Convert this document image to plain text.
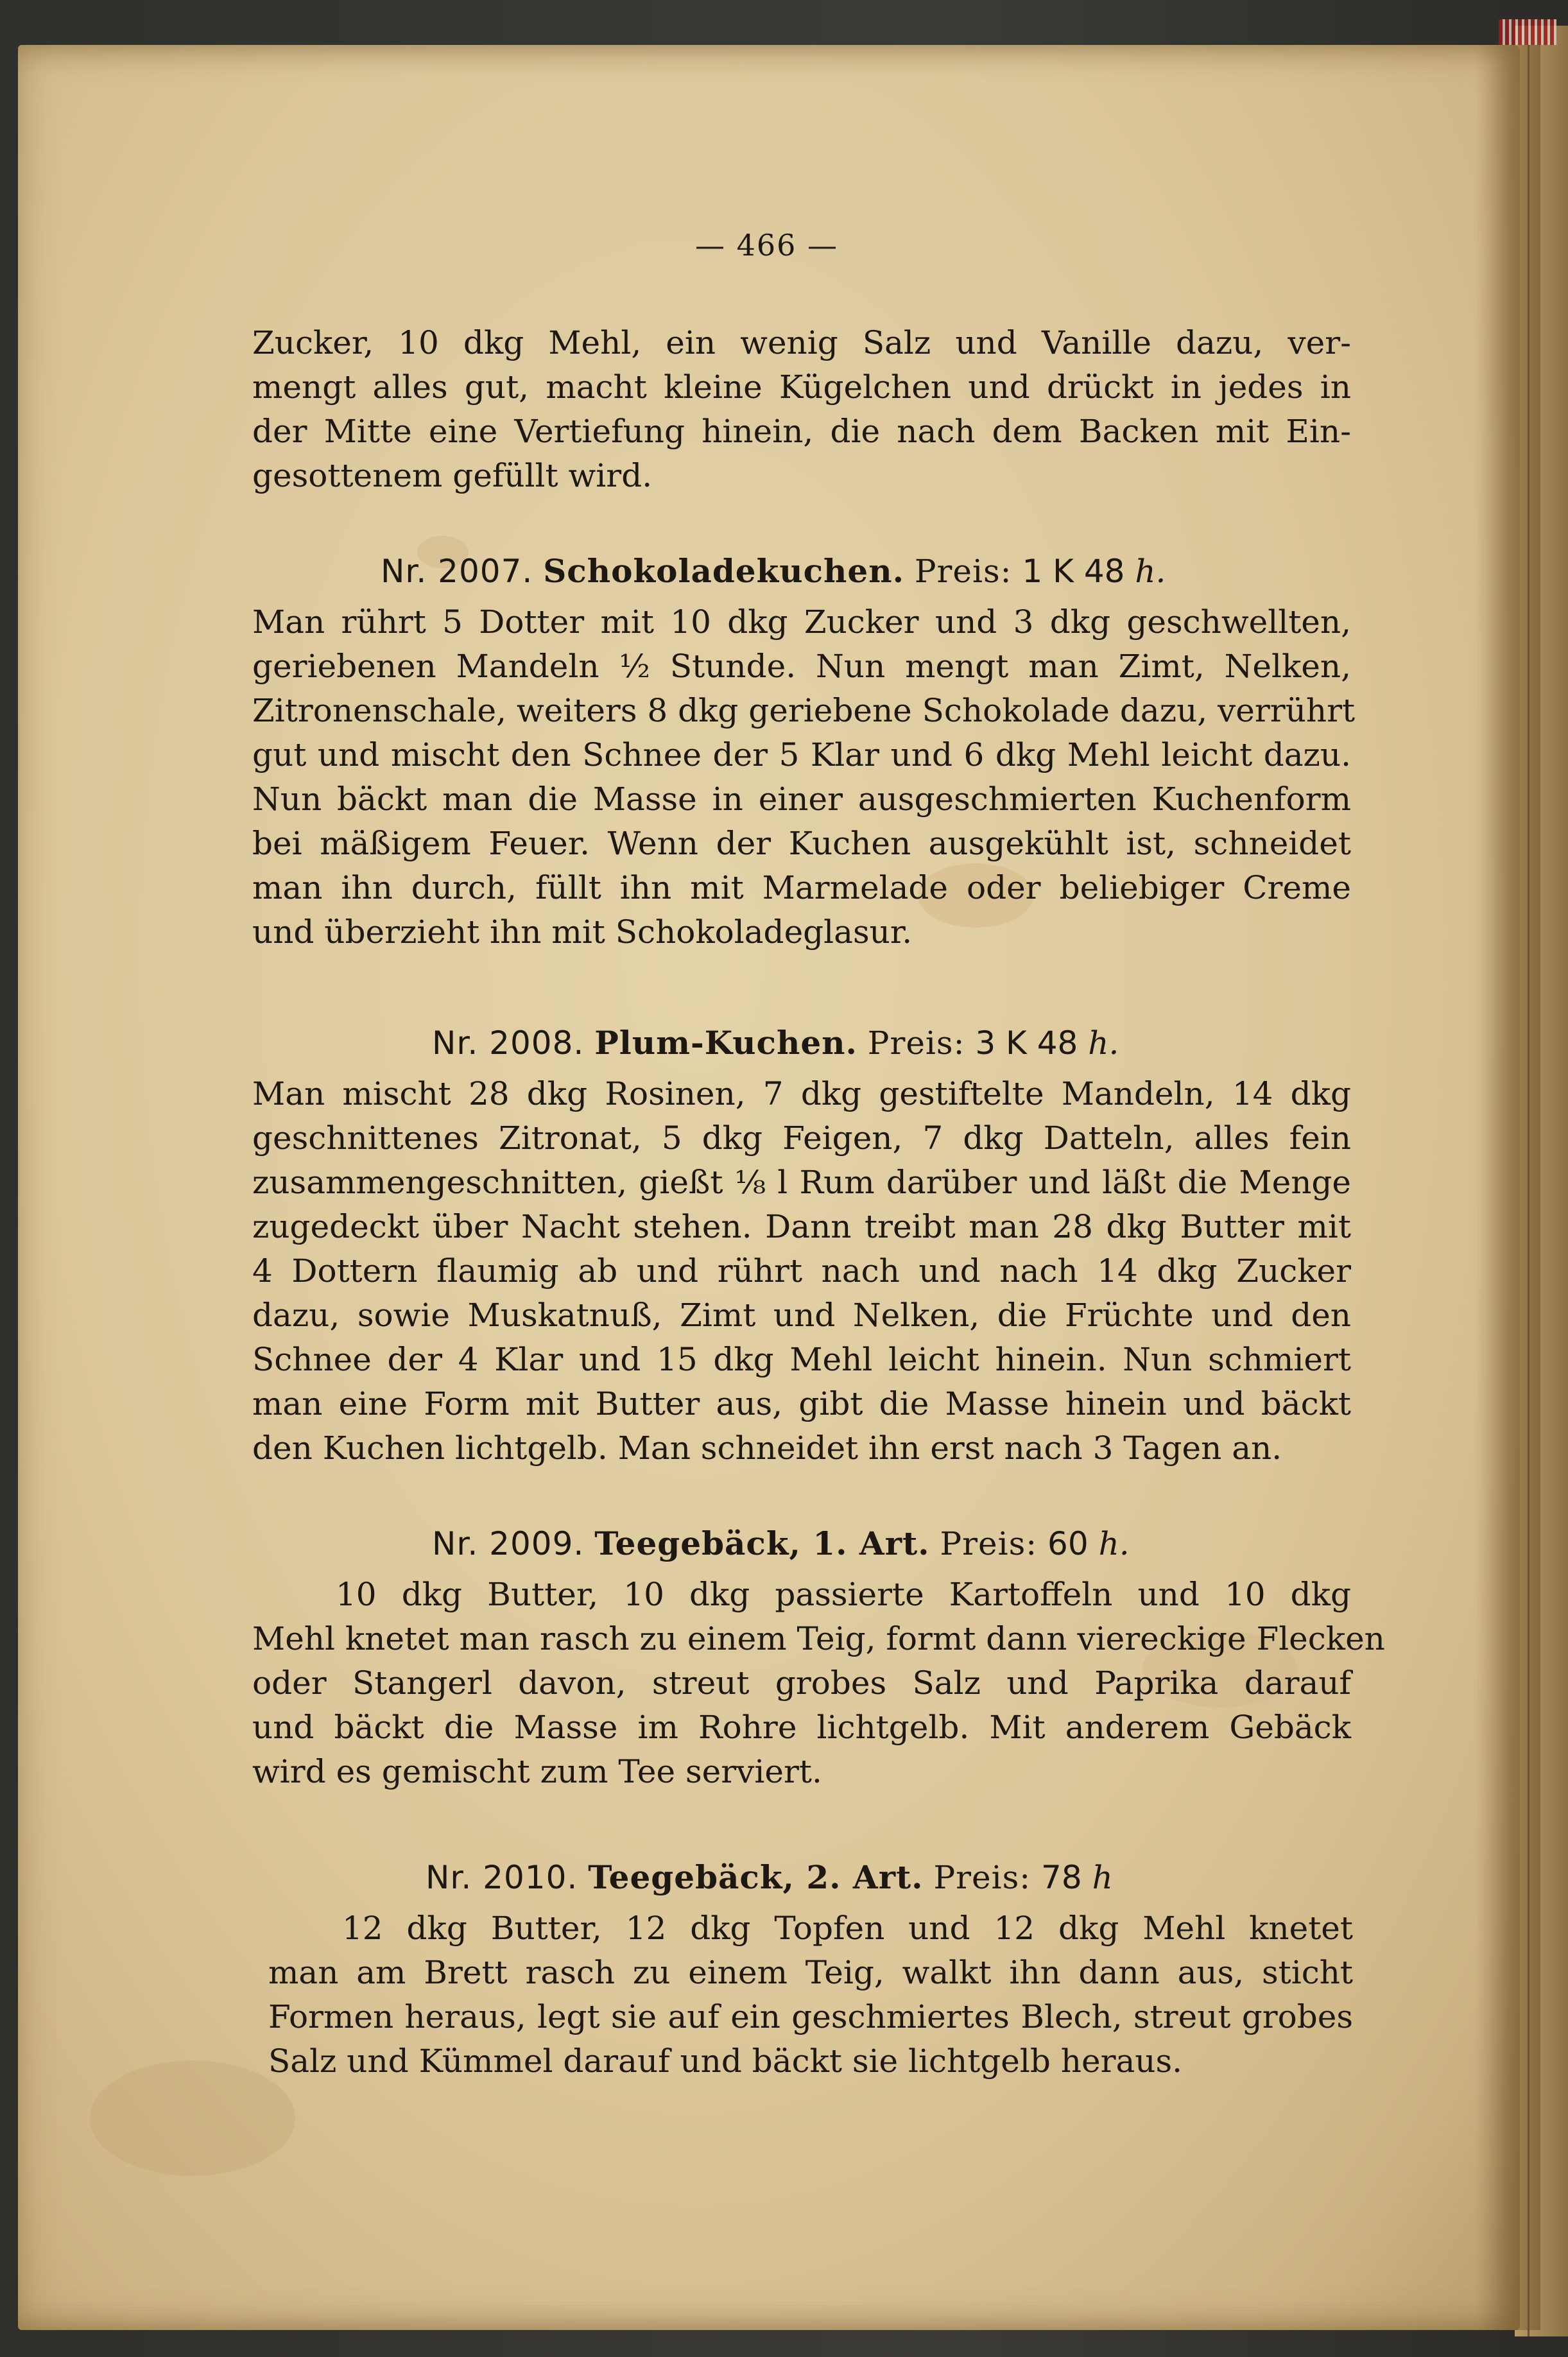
— 466 —
Zucker, 10 dkg Mehl, ein wenig Salz und Vanille dazu, ver-
mengt alles gut, macht kleine Kügelchen und drückt in jedes in
der Mitte eine Vertiefung hinein, die nach dem Backen mit Ein-
gesottenem gefüllt wird.
Nr. 2007. Schokoladekuchen. Preis: 1 K 48 h.
Man rührt 5 Dotter mit 10 dkg Zucker und 3 dkg geschwellten,
geriebenen Mandeln ½ Stunde. Nun mengt man Zimt, Nelken,
Zitronenschale, weiters 8 dkg geriebene Schokolade dazu, verrührt
gut und mischt den Schnee der 5 Klar und 6 dkg Mehl leicht dazu.
Nun bäckt man die Masse in einer ausgeschmierten Kuchenform
bei mäßigem Feuer. Wenn der Kuchen ausgekühlt ist, schneidet
man ihn durch, füllt ihn mit Marmelade oder beliebiger Creme
und überzieht ihn mit Schokoladeglasur.
Nr. 2008. Plum-Kuchen. Preis: 3 K 48 h.
Man mischt 28 dkg Rosinen, 7 dkg gestiftelte Mandeln, 14 dkg
geschnittenes Zitronat, 5 dkg Feigen, 7 dkg Datteln, alles fein
zusammengeschnitten, gießt ⅛ l Rum darüber und läßt die Menge
zugedeckt über Nacht stehen. Dann treibt man 28 dkg Butter mit
4 Dottern flaumig ab und rührt nach und nach 14 dkg Zucker
dazu, sowie Muskatnuß, Zimt und Nelken, die Früchte und den
Schnee der 4 Klar und 15 dkg Mehl leicht hinein. Nun schmiert
man eine Form mit Butter aus, gibt die Masse hinein und bäckt
den Kuchen lichtgelb. Man schneidet ihn erst nach 3 Tagen an.
Nr. 2009. Teegebäck, 1. Art. Preis: 60 h.
10 dkg Butter, 10 dkg passierte Kartoffeln und 10 dkg
Mehl knetet man rasch zu einem Teig, formt dann viereckige Flecken
oder Stangerl davon, streut grobes Salz und Paprika darauf
und bäckt die Masse im Rohre lichtgelb. Mit anderem Gebäck
wird es gemischt zum Tee serviert.
Nr. 2010. Teegebäck, 2. Art. Preis: 78 h
12 dkg Butter, 12 dkg Topfen und 12 dkg Mehl knetet
man am Brett rasch zu einem Teig, walkt ihn dann aus, sticht
Formen heraus, legt sie auf ein geschmiertes Blech, streut grobes
Salz und Kümmel darauf und bäckt sie lichtgelb heraus.
